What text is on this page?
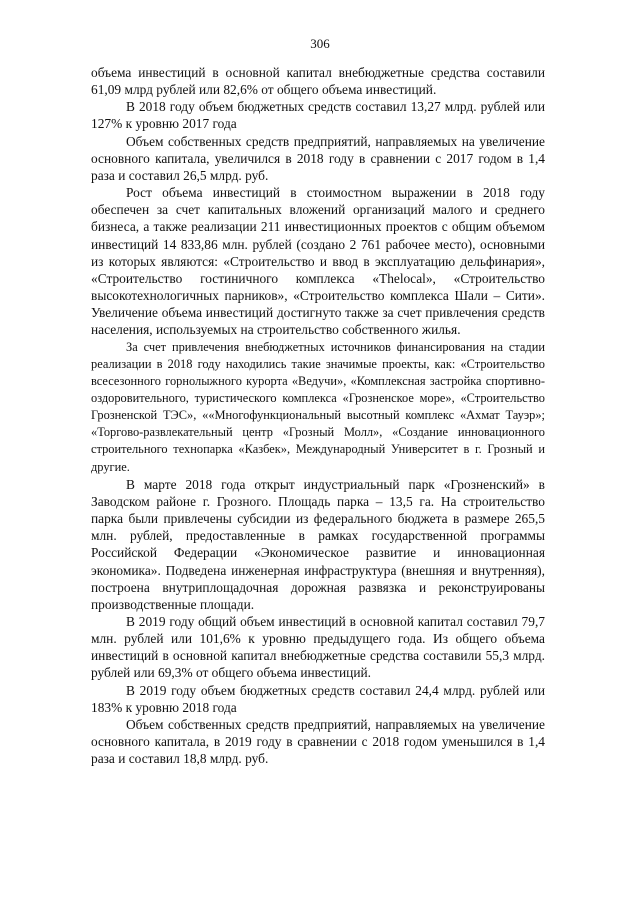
306

объема инвестиций в основной капитал внебюджетные средства составили 61,09 млрд рублей или 82,6% от общего объема инвестиций.

В 2018 году объем бюджетных средств составил 13,27 млрд. рублей или 127% к уровню 2017 года

Объем собственных средств предприятий, направляемых на увеличение основного капитала, увеличился в 2018 году в сравнении с 2017 годом в 1,4 раза и составил 26,5 млрд. руб.

Рост объема инвестиций в стоимостном выражении в 2018 году обеспечен за счет капитальных вложений организаций малого и среднего бизнеса, а также реализации 211 инвестиционных проектов с общим объемом инвестиций 14 833,86 млн. рублей (создано 2 761 рабочее место), основными из которых являются: «Строительство и ввод в эксплуатацию дельфинария», «Строительство гостиничного комплекса «Thelocal», «Строительство высокотехнологичных парников», «Строительство комплекса Шали – Сити». Увеличение объема инвестиций достигнуто также за счет привлечения средств населения, используемых на строительство собственного жилья.

За счет привлечения внебюджетных источников финансирования на стадии реализации в 2018 году находились такие значимые проекты, как: «Строительство всесезонного горнолыжного курорта «Ведучи», «Комплексная застройка спортивно-оздоровительного, туристического комплекса «Грозненское море», «Строительство Грозненской ТЭС», ««Многофункциональный высотный комплекс «Ахмат Тауэр»; «Торгово-развлекательный центр «Грозный Молл», «Создание инновационного строительного технопарка «Казбек», Международный Университет в г. Грозный и другие.

В марте 2018 года открыт индустриальный парк «Грозненский» в Заводском районе г. Грозного. Площадь парка – 13,5 га. На строительство парка были привлечены субсидии из федерального бюджета в размере 265,5 млн. рублей, предоставленные в рамках государственной программы Российской Федерации «Экономическое развитие и инновационная экономика». Подведена инженерная инфраструктура (внешняя и внутренняя), построена внутриплощадочная дорожная развязка и реконструированы производственные площади.

В 2019 году общий объем инвестиций в основной капитал составил 79,7 млн. рублей или 101,6% к уровню предыдущего года. Из общего объема инвестиций в основной капитал внебюджетные средства составили 55,3 млрд. рублей или 69,3% от общего объема инвестиций.

В 2019 году объем бюджетных средств составил 24,4 млрд. рублей или 183% к уровню 2018 года

Объем собственных средств предприятий, направляемых на увеличение основного капитала, в 2019 году в сравнении с 2018 годом уменьшился в 1,4 раза и составил 18,8 млрд. руб.
